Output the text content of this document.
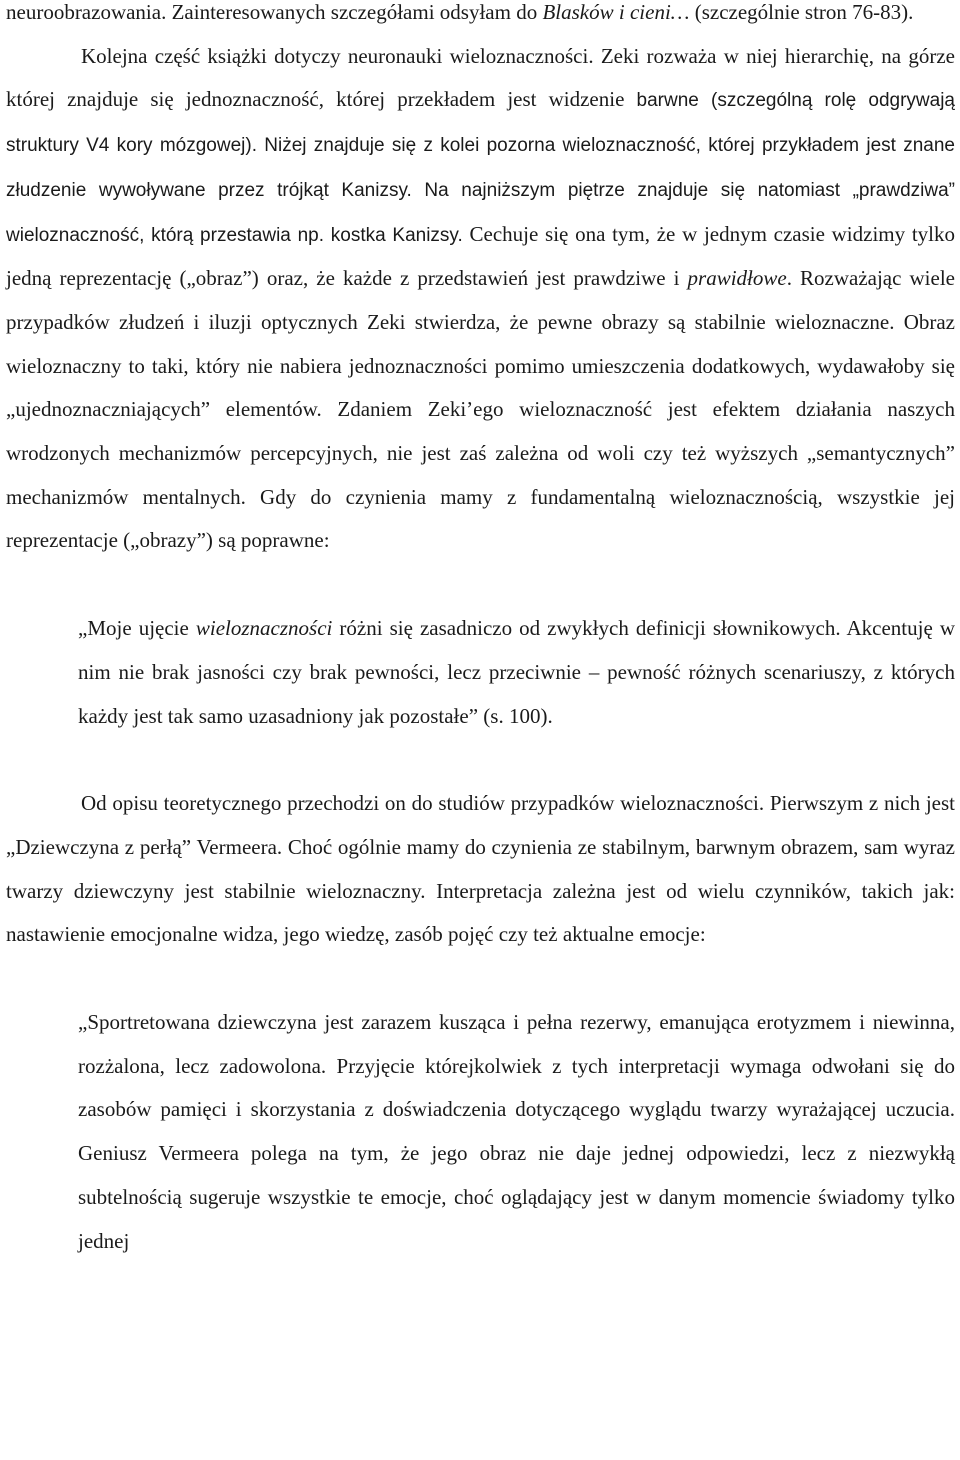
neuroobrazowania. Zainteresowanych szczegółami odsyłam do Blasków i cieni… (szczególnie stron 76-83).

Kolejna część książki dotyczy neuronauki wieloznaczności. Zeki rozważa w niej hierarchię, na górze której znajduje się jednoznaczność, której przekładem jest widzenie barwne (szczególną rolę odgrywają struktury V4 kory mózgowej). Niżej znajduje się z kolei pozorna wieloznaczność, której przykładem jest znane złudzenie wywoływane przez trójkąt Kanizsy. Na najniższym piętrze znajduje się natomiast „prawdziwa” wieloznaczność, którą przestawia np. kostka Kanizsy. Cechuje się ona tym, że w jednym czasie widzimy tylko jedną reprezentację („obraz”) oraz, że każde z przedstawień jest prawdziwe i prawidłowe. Rozważając wiele przypadków złudzeń i iluzji optycznych Zeki stwierdza, że pewne obrazy są stabilnie wieloznaczne. Obraz wieloznaczny to taki, który nie nabiera jednoznaczności pomimo umieszczenia dodatkowych, wydawałoby się „ujednoznaczniających” elementów. Zdaniem Zeki’ego wieloznaczność jest efektem działania naszych wrodzonych mechanizmów percepcyjnych, nie jest zaś zależna od woli czy też wyższych „semantycznych” mechanizmów mentalnych. Gdy do czynienia mamy z fundamentalną wieloznacznością, wszystkie jej reprezentacje („obrazy”) są poprawne:

„Moje ujęcie wieloznaczności różni się zasadniczo od zwykłych definicji słownikowych. Akcentuję w nim nie brak jasności czy brak pewności, lecz przeciwnie – pewność różnych scenariuszy, z których każdy jest tak samo uzasadniony jak pozostałe” (s. 100).

Od opisu teoretycznego przechodzi on do studiów przypadków wieloznaczności. Pierwszym z nich jest „Dziewczyna z perłą” Vermeera. Choć ogólnie mamy do czynienia ze stabilnym, barwnym obrazem, sam wyraz twarzy dziewczyny jest stabilnie wieloznaczny. Interpretacja zależna jest od wielu czynników, takich jak: nastawienie emocjonalne widza, jego wiedzę, zasób pojęć czy też aktualne emocje:

„Sportretowana dziewczyna jest zarazem kusząca i pełna rezerwy, emanująca erotyzmem i niewinna, rozżalona, lecz zadowolona. Przyjęcie którejkolwiek z tych interpretacji wymaga odwołani się do zasobów pamięci i skorzystania z doświadczenia dotyczącego wyglądu twarzy wyrażającej uczucia. Geniusz Vermeera polega na tym, że jego obraz nie daje jednej odpowiedzi, lecz z niezwykłą subtelnością sugeruje wszystkie te emocje, choć oglądający jest w danym momencie świadomy tylko jednej
